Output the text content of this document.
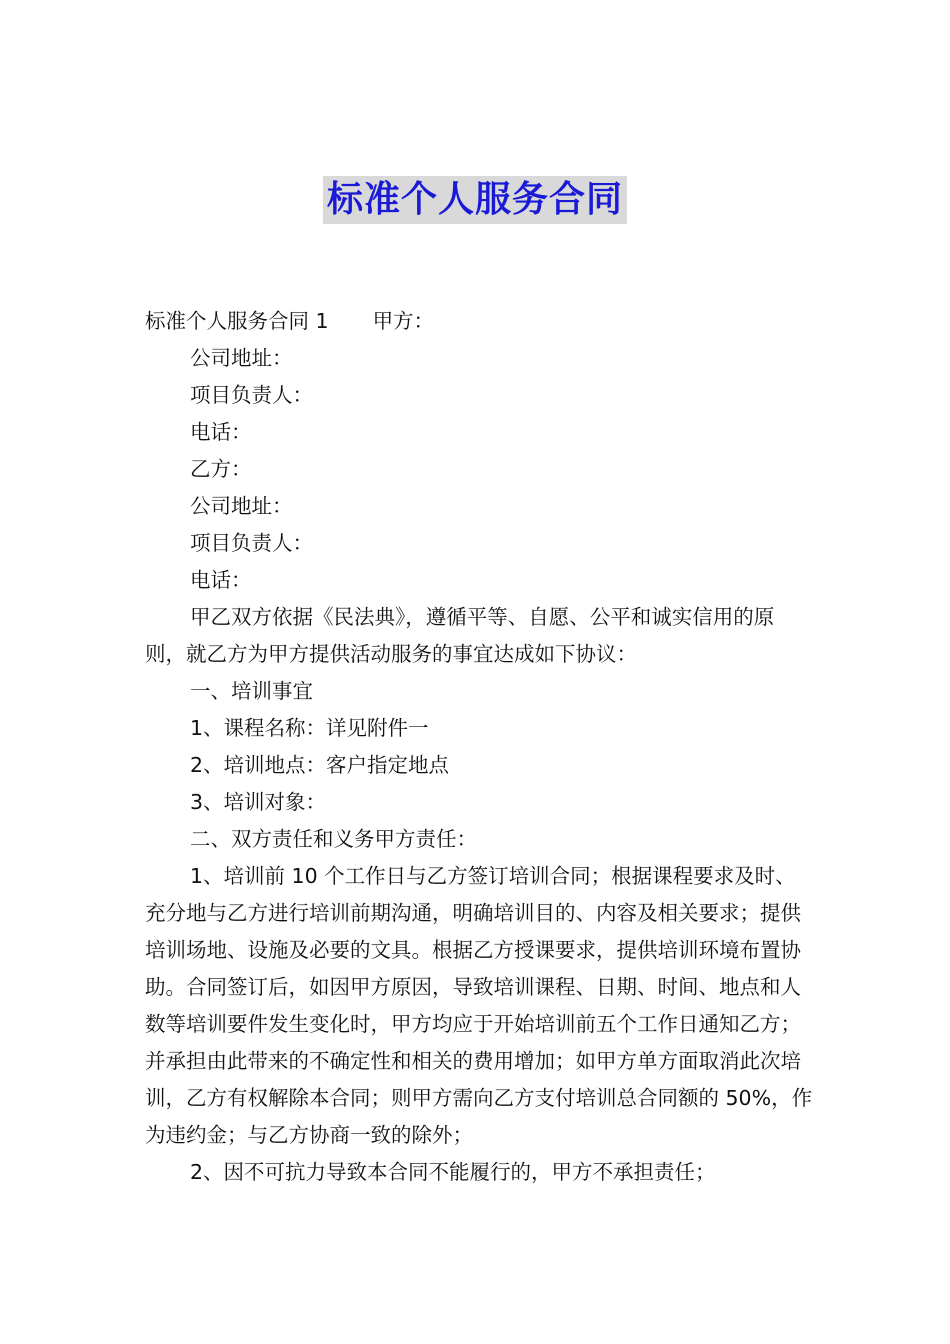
标准个人服务合同

标准个人服务合同 1 甲方：

公司地址：

项目负责人：

电话：

乙方：

公司地址：

项目负责人：

电话：

甲乙双方依据《民法典》，遵循平等、自愿、公平和诚实信用的原则，就乙方为甲方提供活动服务的事宜达成如下协议：

一、培训事宜

1、课程名称：详见附件一

2、培训地点：客户指定地点

3、培训对象：

二、双方责任和义务甲方责任：

1、培训前 10 个工作日与乙方签订培训合同；根据课程要求及时、充分地与乙方进行培训前期沟通，明确培训目的、内容及相关要求；提供培训场地、设施及必要的文具。根据乙方授课要求，提供培训环境布置协助。合同签订后，如因甲方原因，导致培训课程、日期、时间、地点和人数等培训要件发生变化时，甲方均应于开始培训前五个工作日通知乙方；并承担由此带来的不确定性和相关的费用增加；如甲方单方面取消此次培训，乙方有权解除本合同；则甲方需向乙方支付培训总合同额的 50%，作为违约金；与乙方协商一致的除外；

2、因不可抗力导致本合同不能履行的，甲方不承担责任；
